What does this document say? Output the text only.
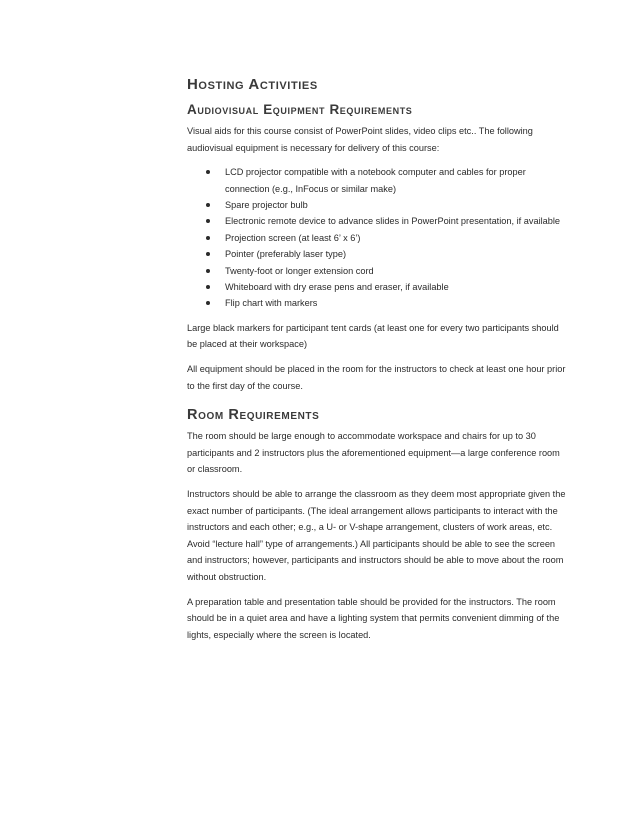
Hosting Activities
Audiovisual Equipment Requirements

Visual aids for this course consist of PowerPoint slides, video clips etc.. The following audiovisual equipment is necessary for delivery of this course:

LCD projector compatible with a notebook computer and cables for proper connection (e.g., InFocus or similar make)
Spare projector bulb
Electronic remote device to advance slides in PowerPoint presentation, if available
Projection screen (at least 6’ x 6’)
Pointer (preferably laser type)
Twenty-foot or longer extension cord
Whiteboard with dry erase pens and eraser, if available
Flip chart with markers

Large black markers for participant tent cards (at least one for every two participants should be placed at their workspace)

All equipment should be placed in the room for the instructors to check at least one hour prior to the first day of the course.

Room Requirements

The room should be large enough to accommodate workspace and chairs for up to 30 participants and 2 instructors plus the aforementioned equipment—a large conference room or classroom.

Instructors should be able to arrange the classroom as they deem most appropriate given the exact number of participants. (The ideal arrangement allows participants to interact with the instructors and each other; e.g., a U- or V-shape arrangement, clusters of work areas, etc. Avoid “lecture hall” type of arrangements.) All participants should be able to see the screen and instructors; however, participants and instructors should be able to move about the room without obstruction.

A preparation table and presentation table should be provided for the instructors. The room should be in a quiet area and have a lighting system that permits convenient dimming of the lights, especially where the screen is located.
